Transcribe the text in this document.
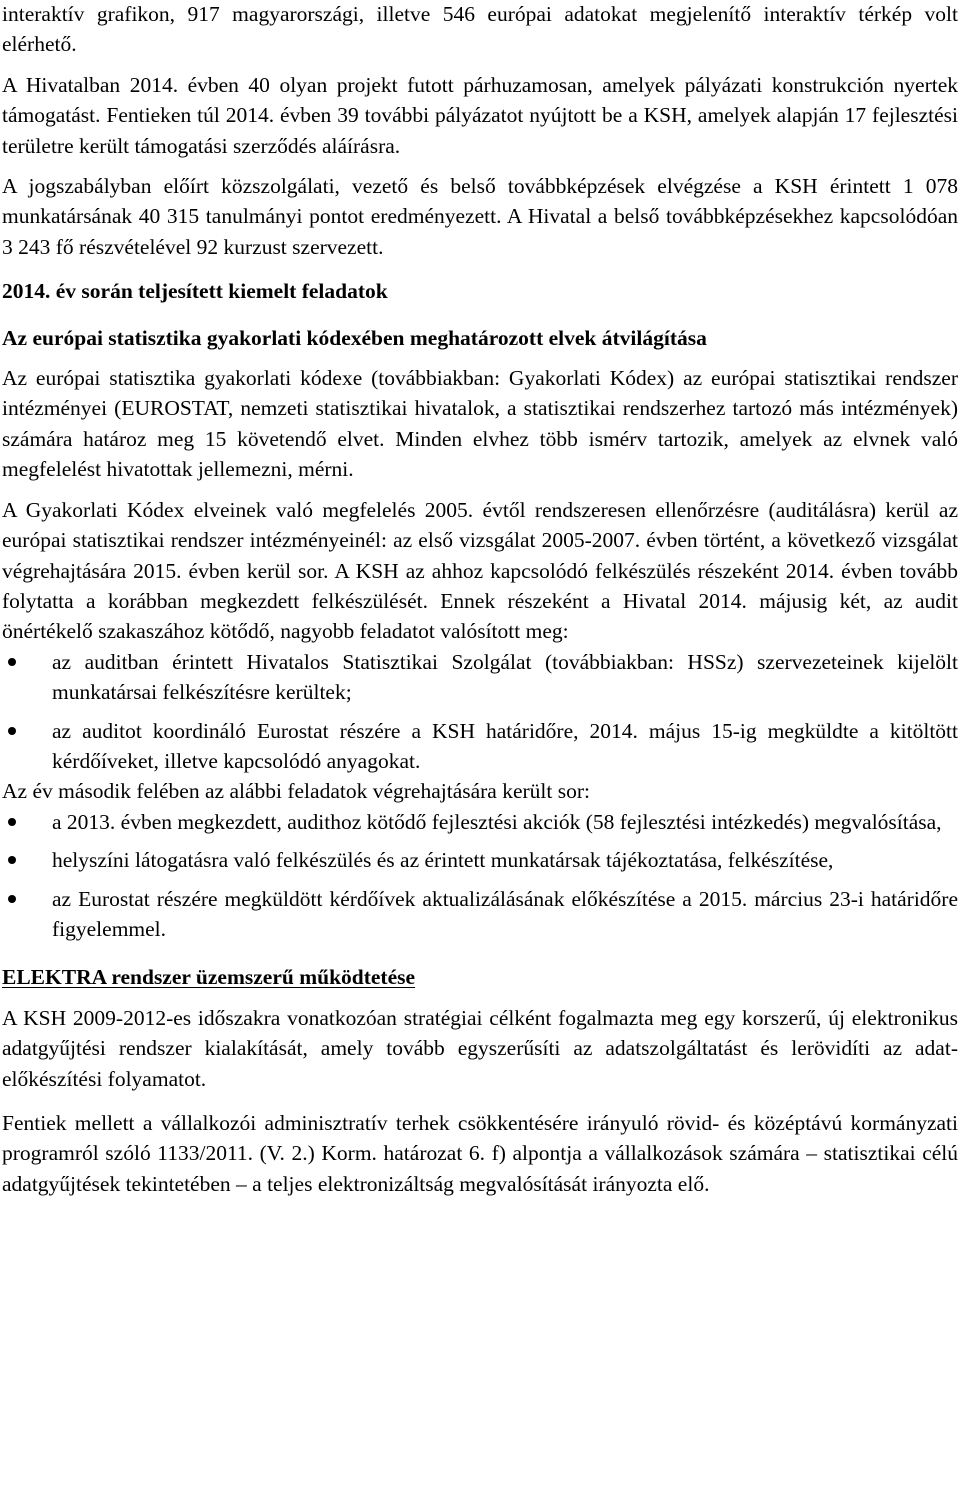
interaktív grafikon, 917 magyarországi, illetve 546 európai adatokat megjelenítő interaktív térkép volt elérhető.

A Hivatalban 2014. évben 40 olyan projekt futott párhuzamosan, amelyek pályázati konstrukción nyertek támogatást. Fentieken túl 2014. évben 39 további pályázatot nyújtott be a KSH, amelyek alapján 17 fejlesztési területre került támogatási szerződés aláírásra.

A jogszabályban előírt közszolgálati, vezető és belső továbbképzések elvégzése a KSH érintett 1 078 munkatársának 40 315 tanulmányi pontot eredményezett. A Hivatal a belső továbbképzésekhez kapcsolódóan 3 243 fő részvételével 92 kurzust szervezett.

2014. év során teljesített kiemelt feladatok

Az európai statisztika gyakorlati kódexében meghatározott elvek átvilágítása

Az európai statisztika gyakorlati kódexe (továbbiakban: Gyakorlati Kódex) az európai statisztikai rendszer intézményei (EUROSTAT, nemzeti statisztikai hivatalok, a statisztikai rendszerhez tartozó más intézmények) számára határoz meg 15 követendő elvet. Minden elvhez több ismérv tartozik, amelyek az elvnek való megfelelést hivatottak jellemezni, mérni.

A Gyakorlati Kódex elveinek való megfelelés 2005. évtől rendszeresen ellenőrzésre (auditálásra) kerül az európai statisztikai rendszer intézményeinél: az első vizsgálat 2005-2007. évben történt, a következő vizsgálat végrehajtására 2015. évben kerül sor. A KSH az ahhoz kapcsolódó felkészülés részeként 2014. évben tovább folytatta a korábban megkezdett felkészülését. Ennek részeként a Hivatal 2014. májusig két, az audit önértékelő szakaszához kötődő, nagyobb feladatot valósított meg:

az auditban érintett Hivatalos Statisztikai Szolgálat (továbbiakban: HSSz) szervezeteinek kijelölt munkatársai felkészítésre kerültek;
az auditot koordináló Eurostat részére a KSH határidőre, 2014. május 15-ig megküldte a kitöltött kérdőíveket, illetve kapcsolódó anyagokat.

Az év második felében az alábbi feladatok végrehajtására került sor:

a 2013. évben megkezdett, audithoz kötődő fejlesztési akciók (58 fejlesztési intézkedés) megvalósítása,
helyszíni látogatásra való felkészülés és az érintett munkatársak tájékoztatása, felkészítése,
az Eurostat részére megküldött kérdőívek aktualizálásának előkészítése a 2015. március 23-i határidőre figyelemmel.

ELEKTRA rendszer üzemszerű működtetése

A KSH 2009-2012-es időszakra vonatkozóan stratégiai célként fogalmazta meg egy korszerű, új elektronikus adatgyűjtési rendszer kialakítását, amely tovább egyszerűsíti az adatszolgáltatást és lerövidíti az adat-előkészítési folyamatot.

Fentiek mellett a vállalkozói adminisztratív terhek csökkentésére irányuló rövid- és középtávú kormányzati programról szóló 1133/2011. (V. 2.) Korm. határozat 6. f) alpontja a vállalkozások számára – statisztikai célú adatgyűjtések tekintetében – a teljes elektronizáltság megvalósítását irányozta elő.
